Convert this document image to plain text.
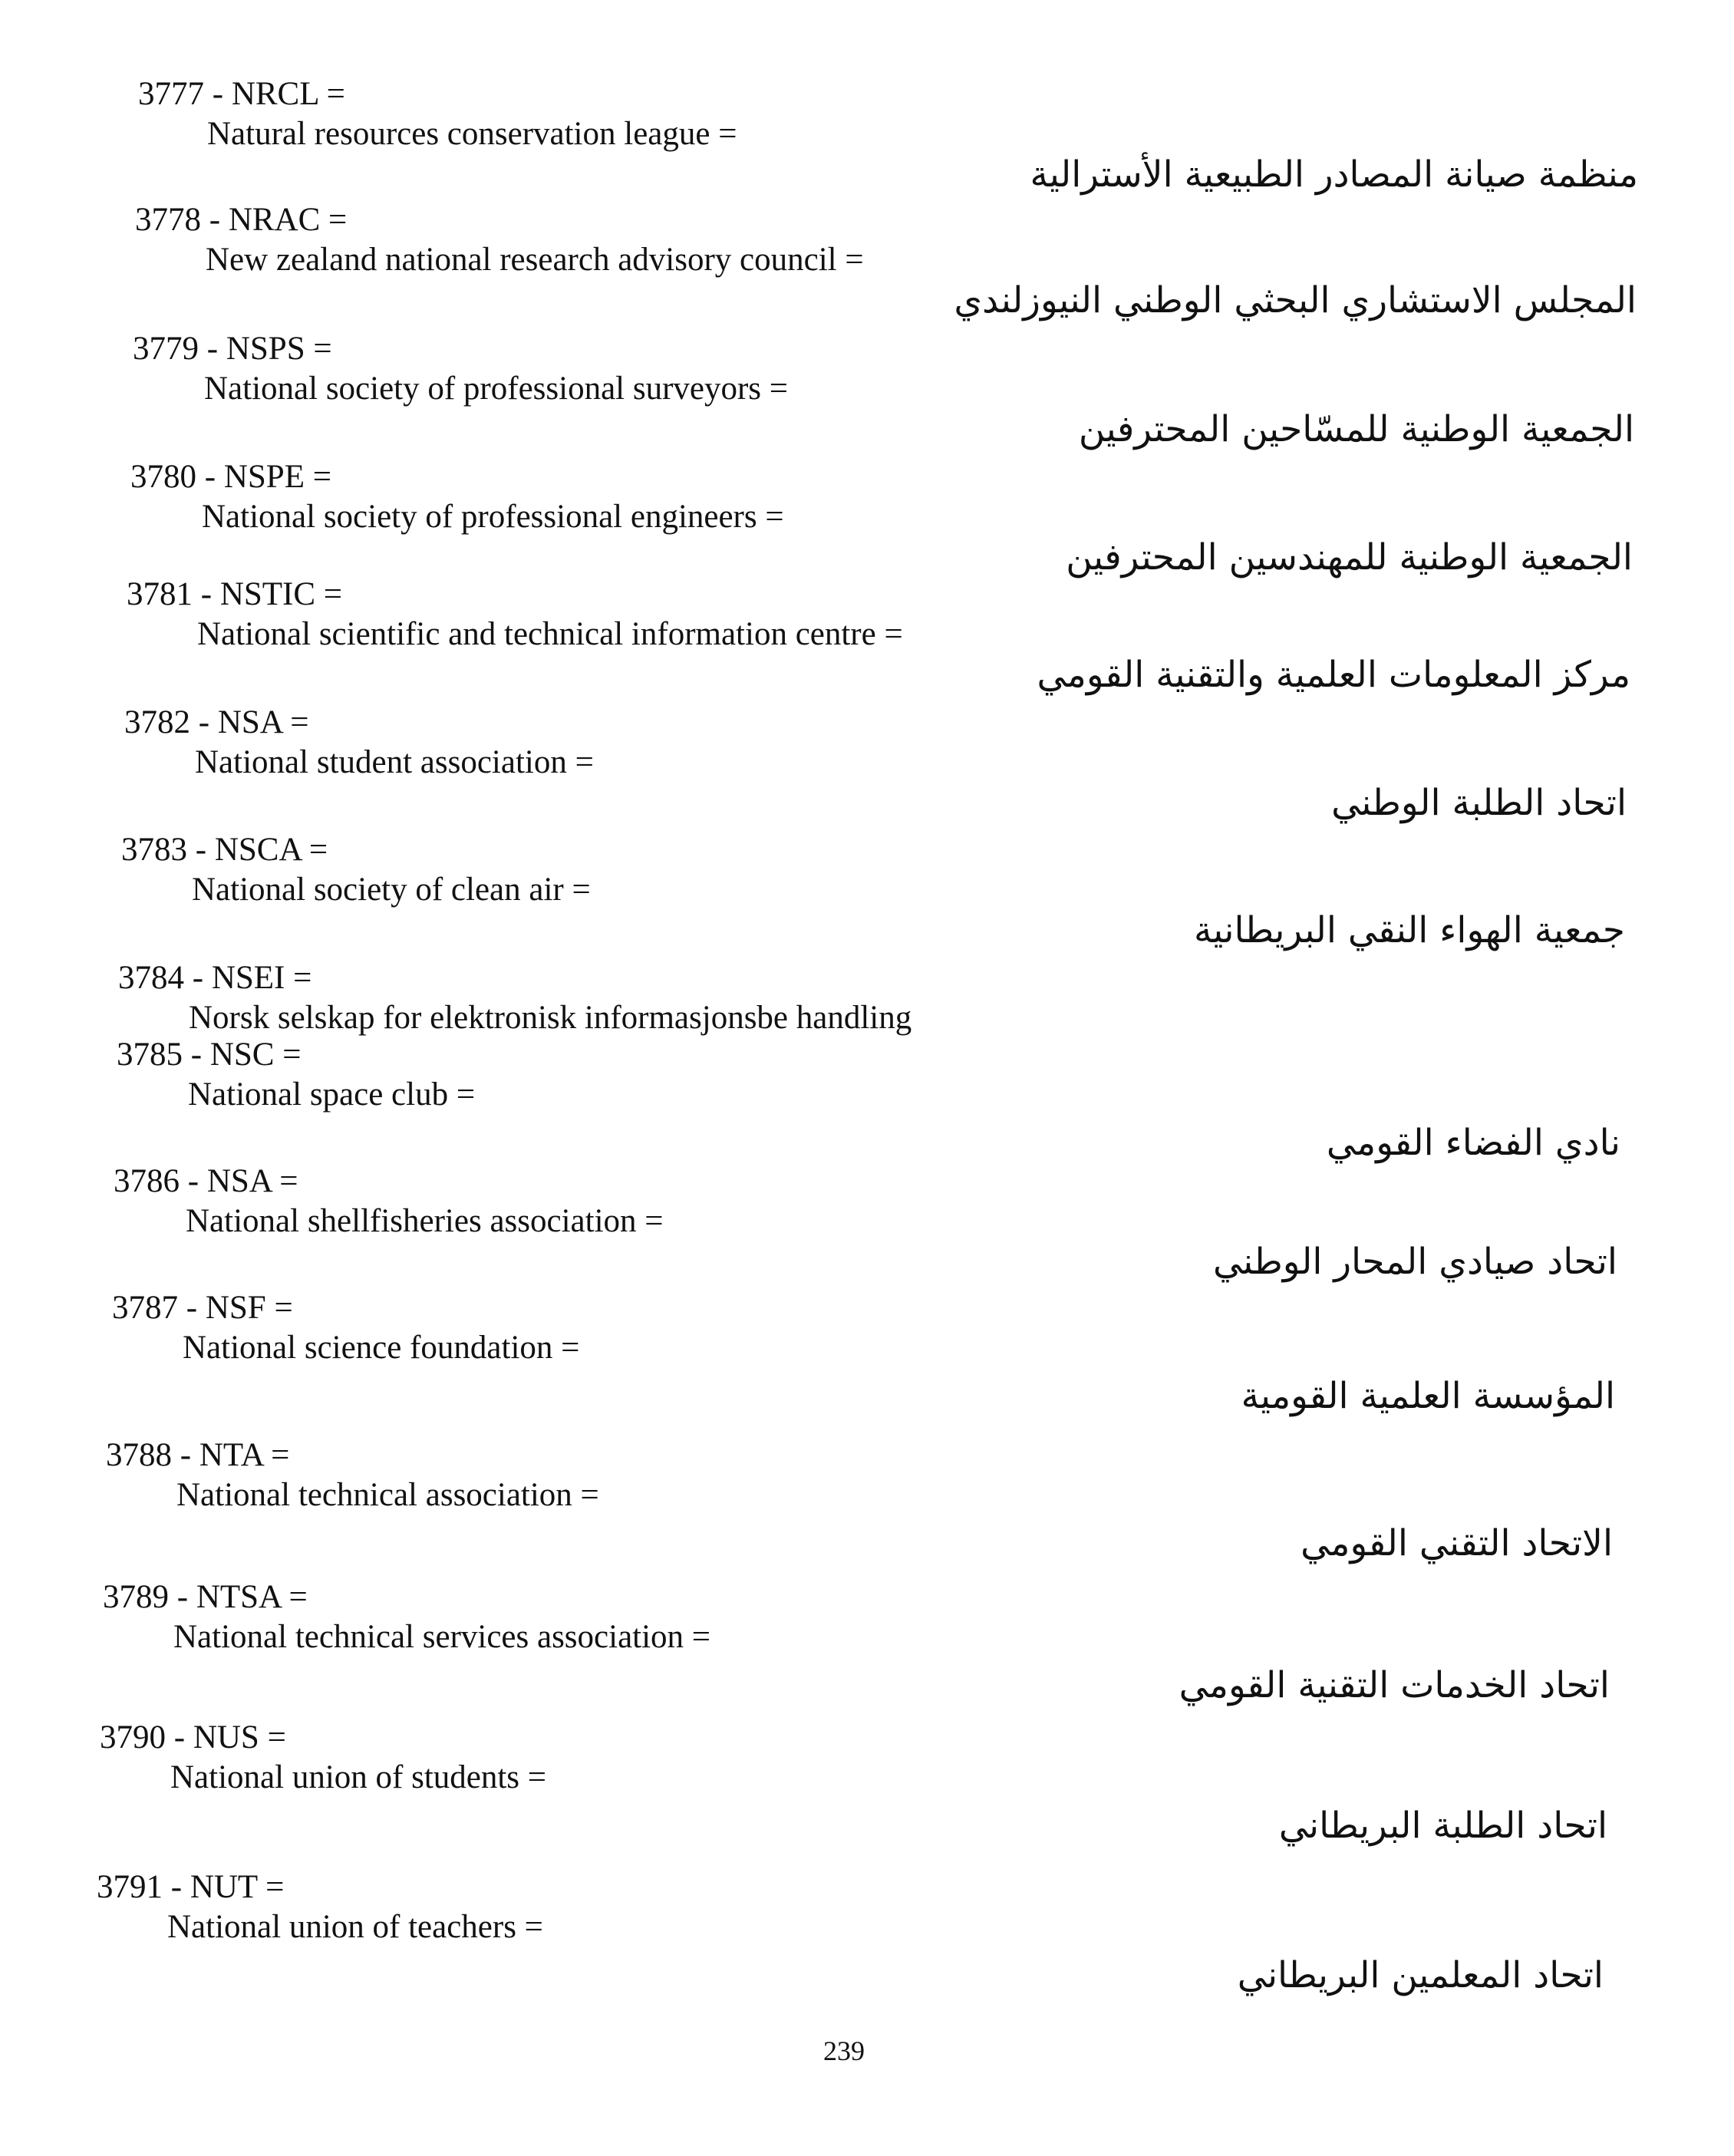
3777 - NRCL =
Natural resources conservation league =
منظمة صيانة المصادر الطبيعية الأسترالية
3778 - NRAC =
New zealand national research advisory council =
المجلس الاستشاري البحثي الوطني النيوزلندي
3779 - NSPS =
National society of professional surveyors =
الجمعية الوطنية للمسّاحين المحترفين
3780 - NSPE =
National society of professional engineers =
الجمعية الوطنية للمهندسين المحترفين
3781 - NSTIC =
National scientific and technical information centre =
مركز المعلومات العلمية والتقنية القومي
3782 - NSA =
National student association =
اتحاد الطلبة الوطني
3783 - NSCA =
National society of clean air =
جمعية الهواء النقي البريطانية
3784 - NSEI =
Norsk selskap for elektronisk informasjonsbe handling
3785 - NSC =
National space club =
نادي الفضاء القومي
3786 - NSA =
National shellfisheries association =
اتحاد صيادي المحار الوطني
3787 - NSF =
National science foundation =
المؤسسة العلمية القومية
3788 - NTA =
National technical association =
الاتحاد التقني القومي
3789 - NTSA =
National technical services association =
اتحاد الخدمات التقنية القومي
3790 - NUS =
National union of students =
اتحاد الطلبة البريطاني
3791 - NUT =
National union of teachers =
اتحاد المعلمين البريطاني
239
